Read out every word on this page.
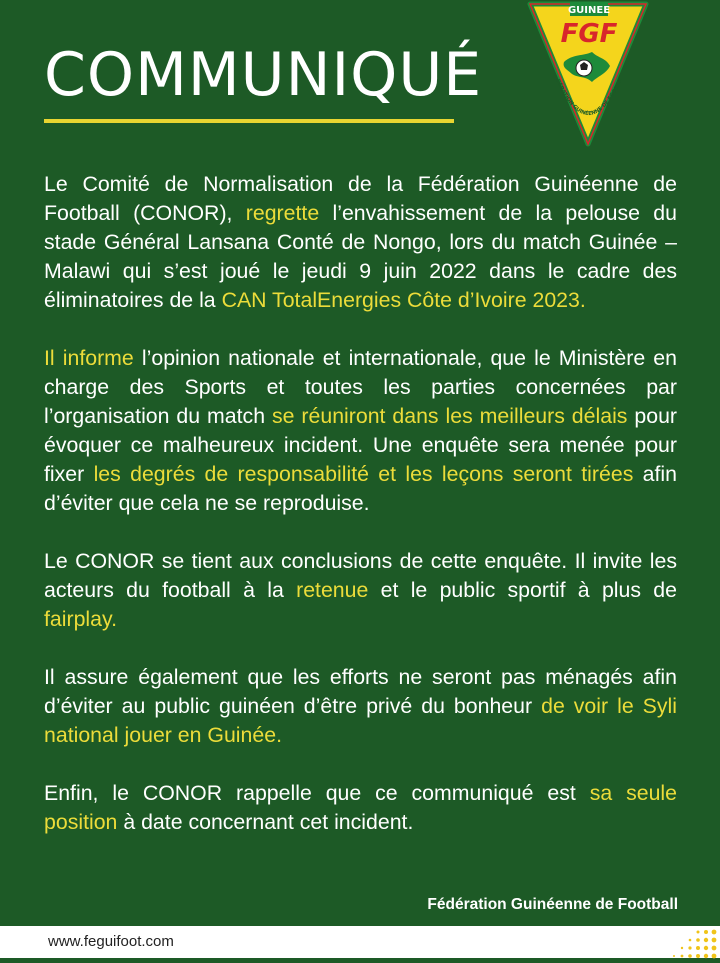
COMMUNIQUÉ
GUINEE
FGF
DÉRATION GUINÉENNE DE FOOTBA

Le Comité de Normalisation de la Fédération Guinéenne de Football (CONOR), regrette l’envahissement de la pelouse du stade Général Lansana Conté de Nongo, lors du match Guinée – Malawi qui s’est joué le jeudi 9 juin 2022 dans le cadre des éliminatoires de la CAN TotalEnergies Côte d’Ivoire 2023.

Il informe l’opinion nationale et internationale, que le Ministère en charge des Sports et toutes les parties concernées par l’organisation du match se réuniront dans les meilleurs délais pour évoquer ce malheureux incident. Une enquête sera menée pour fixer les degrés de responsabilité et les leçons seront tirées afin d’éviter que cela ne se reproduise.

Le CONOR se tient aux conclusions de cette enquête. Il invite les acteurs du football à la retenue et le public sportif à plus de fairplay.

Il assure également que les efforts ne seront pas ménagés afin d’éviter au public guinéen d’être privé du bonheur de voir le Syli national jouer en Guinée.

Enfin, le CONOR rappelle que ce communiqué est sa seule position à date concernant cet incident.

Fédération Guinéenne de Football

www.feguifoot.com
